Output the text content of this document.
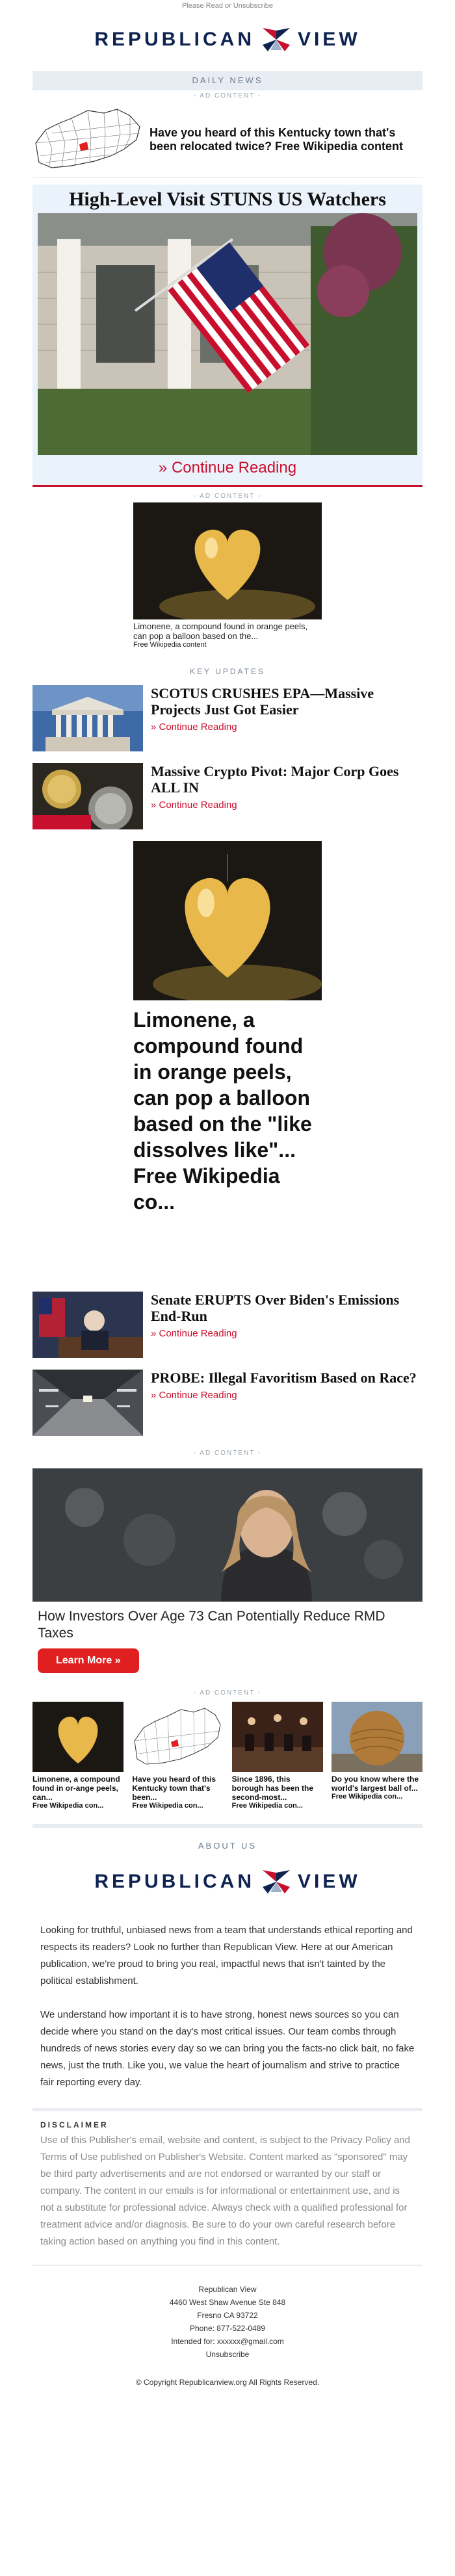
Please Read or Unsubscribe
REPUBLICAN VIEW
DAILY NEWS
- AD CONTENT -
Have you heard of this Kentucky town that's been relocated twice? Free Wikipedia content
High-Level Visit STUNS US Watchers
» Continue Reading
- AD CONTENT -
Limonene, a compound found in orange peels, can pop a balloon based on the...
Free Wikipedia content
KEY UPDATES
SCOTUS CRUSHES EPA—Massive Projects Just Got Easier
» Continue Reading
Massive Crypto Pivot: Major Corp Goes ALL IN
» Continue Reading
Limonene, a compound found in orange peels, can pop a balloon based on the "like dissolves like"... Free Wikipedia co...
Senate ERUPTS Over Biden's Emissions End-Run
» Continue Reading
PROBE: Illegal Favoritism Based on Race?
» Continue Reading
- AD CONTENT -
How Investors Over Age 73 Can Potentially Reduce RMD Taxes
Learn More »
- AD CONTENT -
Limonene, a compound found in or-ange peels, can...
Free Wikipedia con...
Have you heard of this Kentucky town that's been...
Free Wikipedia con...
Since 1896, this borough has been the second-most...
Free Wikipedia con...
Do you know where the world's largest ball of...
Free Wikipedia con...
ABOUT US
REPUBLICAN VIEW

Looking for truthful, unbiased news from a team that understands ethical reporting and respects its readers? Look no further than Republican View. Here at our American publication, we're proud to bring you real, impactful news that isn't tainted by the political establishment.

We understand how important it is to have strong, honest news sources so you can decide where you stand on the day's most critical issues. Our team combs through hundreds of news stories every day so we can bring you the facts-no click bait, no fake news, just the truth. Like you, we value the heart of journalism and strive to practice fair reporting every day.

DISCLAIMER
Use of this Publisher's email, website and content, is subject to the Privacy Policy and Terms of Use published on Publisher's Website. Content marked as "sponsored" may be third party advertisements and are not endorsed or warranted by our staff or company. The content in our emails is for informational or entertainment use, and is not a substitute for professional advice. Always check with a qualified professional for treatment advice and/or diagnosis. Be sure to do your own careful research before taking action based on anything you find in this content.
Republican View
4460 West Shaw Avenue Ste 848
Fresno CA 93722
Phone: 877-522-0489
Intended for: xxxxxx@gmail.com
Unsubscribe
© Copyright Republicanview.org All Rights Reserved.
